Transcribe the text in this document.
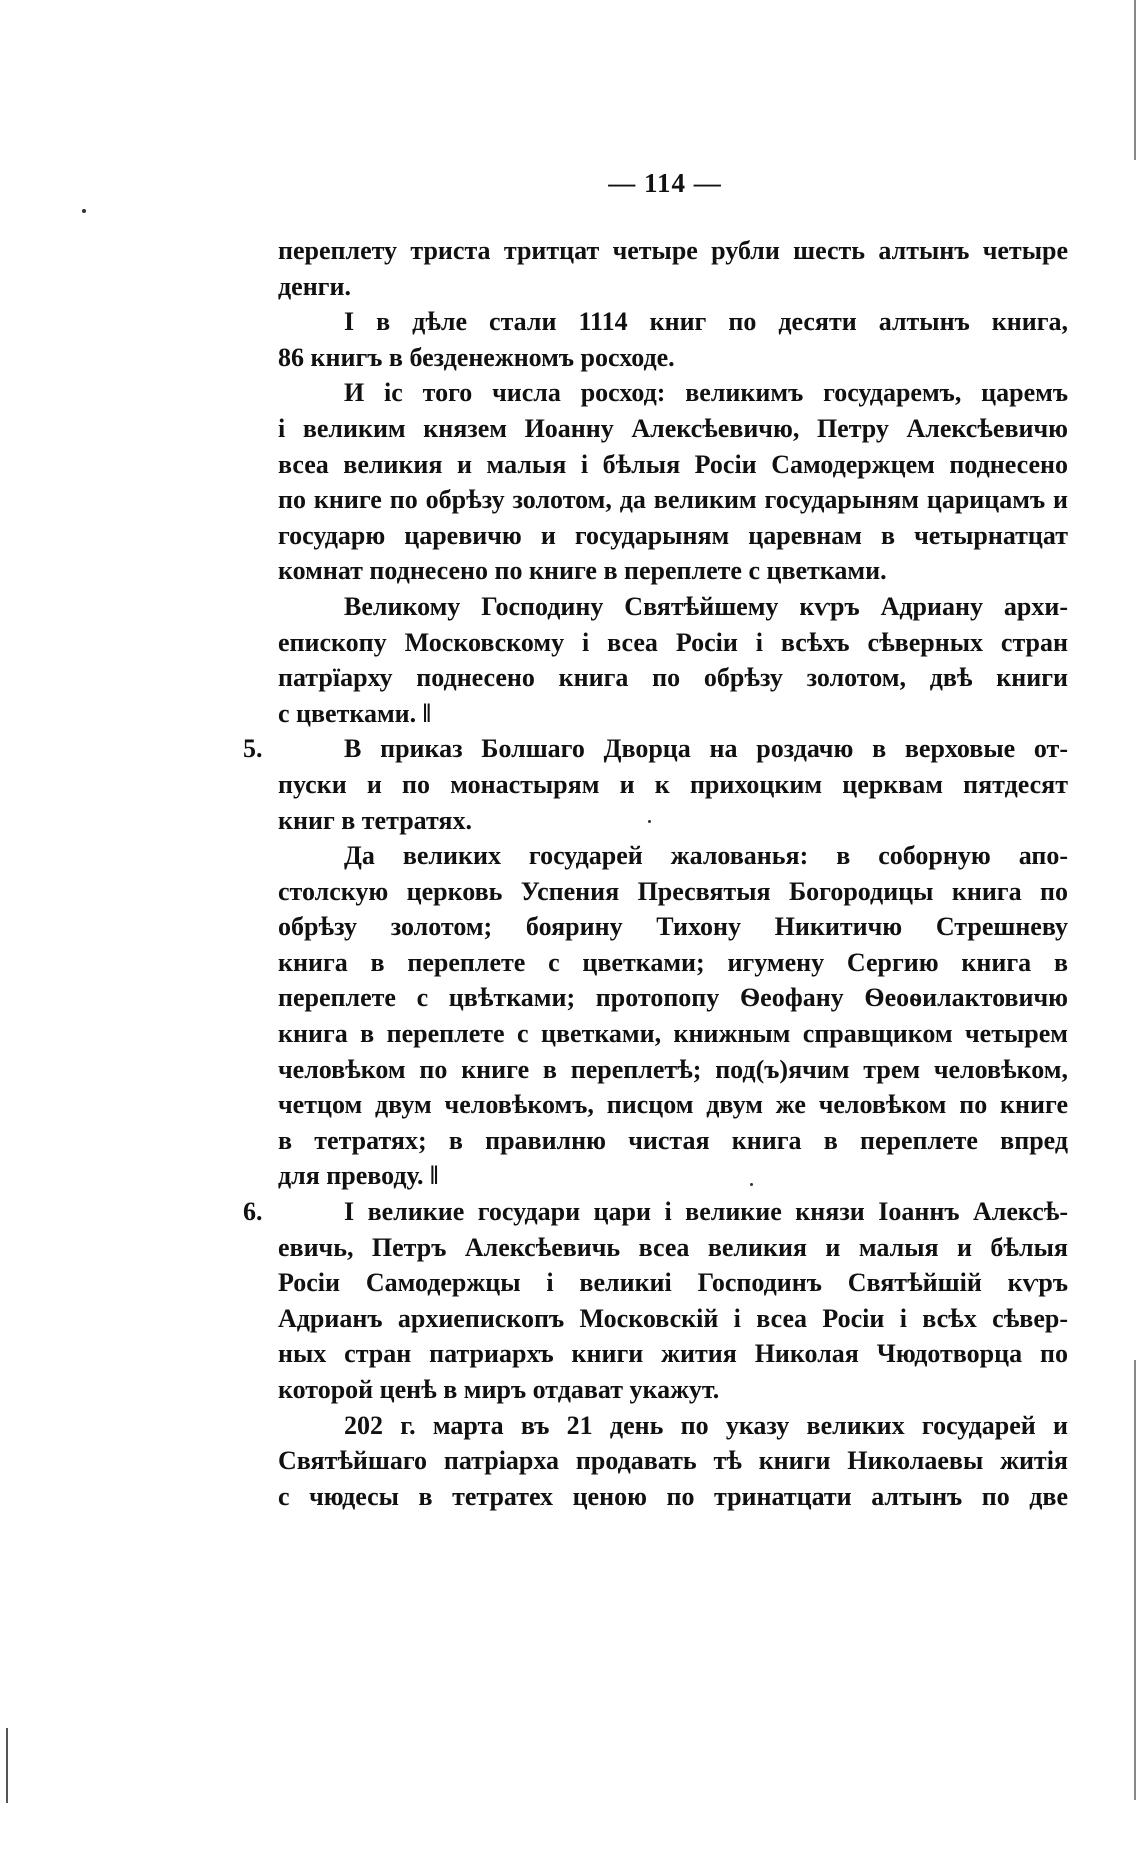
— 114 —
переплету триста тритцат четыре рубли шесть алтынъ четыре
денги.
І в дѣле стали 1114 книг по десяти алтынъ книга,
86 книгъ в безденежномъ росходе.
И іс того числа росход: великимъ государемъ, царемъ
і великим князем Иоанну Алексѣевичю, Петру Алексѣевичю
всеа великия и малыя і бѣлыя Росіи Самодержцем поднесено
по книге по обрѣзу золотом, да великим государыням царицамъ и
государю царевичю и государыням царевнам в четырнатцат
комнат поднесено по книге в переплете с цветками.
Великому Господину Святѣйшему кѵръ Адриану архи-
епископу Московскому і всеа Росіи і всѣхъ сѣверных стран
патрїарху поднесено книга по обрѣзу золотом, двѣ книги
с цветками. ‖
В приказ Болшаго Дворца на роздачю в верховые от-
пуски и по монастырям и к прихоцким церквам пятдесят
книг в тетратях.
Да великих государей жалованья: в соборную апо-
столскую церковь Успения Пресвятыя Богородицы книга по
обрѣзу золотом; боярину Тихону Никитичю Стрешневу
книга в переплете с цветками; игумену Сергию книга в
переплете с цвѣтками; протопопу Ѳеофану Ѳеоѳилактовичю
книга в переплете с цветками, книжным справщиком четырем
человѣком по книге в переплетѣ; под(ъ)ячим трем человѣком,
четцом двум человѣкомъ, писцом двум же человѣком по книге
в тетратях; в правилню чистая книга в переплете впред
для преводу. ‖
І великие государи цари і великие князи Іоаннъ Алексѣ-
евичь, Петръ Алексѣевичь всеа великия и малыя и бѣлыя
Росіи Самодержцы і великиі Господинъ Святѣйшій кѵръ
Адрианъ архиепископъ Московскій і всеа Росіи і всѣх сѣвер-
ных стран патриархъ книги жития Николая Чюдотворца по
которой ценѣ в миръ отдават укажут.
202 г. марта въ 21 день по указу великих государей и
Святѣйшаго патріарха продавать тѣ книги Николаевы житія
с чюдесы в тетратех ценою по тринатцати алтынъ по две
5.
6.
